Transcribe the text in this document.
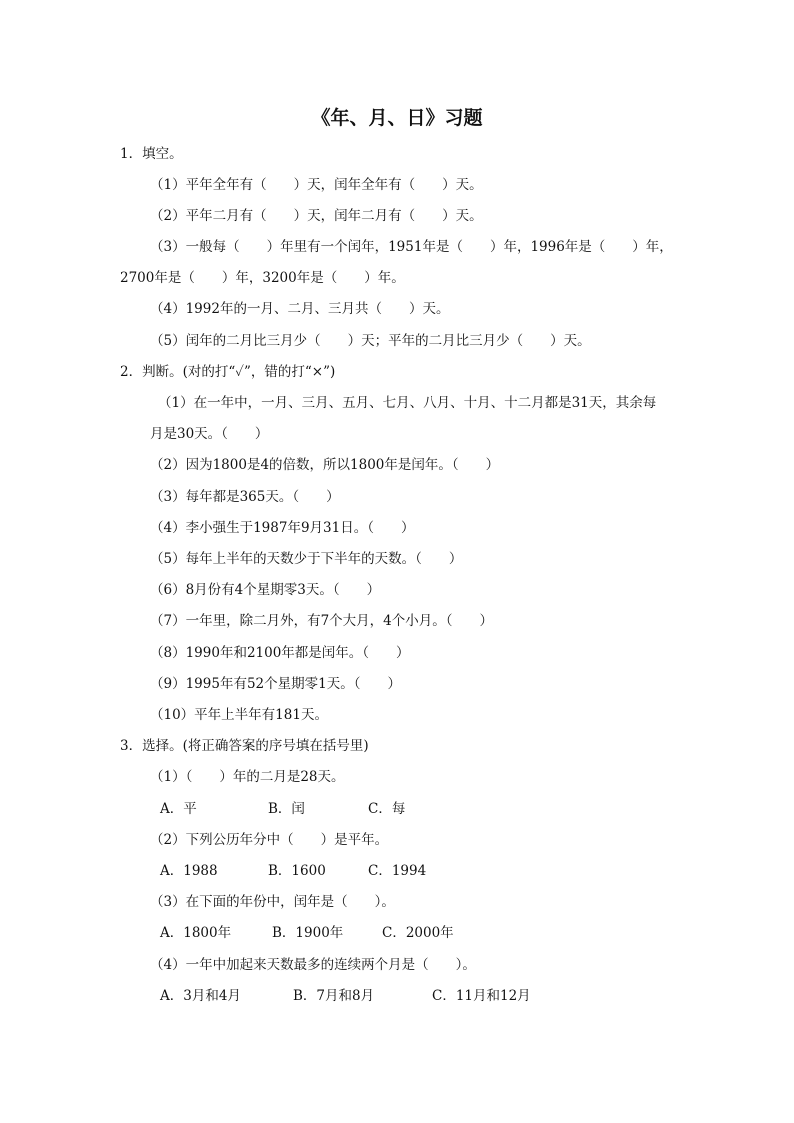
《年、月、日》习题
1．填空。
（1）平年全年有（　　）天，闰年全年有（　　）天。
（2）平年二月有（　　）天，闰年二月有（　　）天。
（3）一般每（　　）年里有一个闰年，1951年是（　　）年，1996年是（　　）年，
2700年是（　　）年，3200年是（　　）年。
（4）1992年的一月、二月、三月共（　　）天。
（5）闰年的二月比三月少（　　）天；平年的二月比三月少（　　）天。
2．判断。(对的打“✓”，错的打“×”)
（1）在一年中，一月、三月、五月、七月、八月、十月、十二月都是31天，其余每
月是30天。（　　）
（2）因为1800是4的倍数，所以1800年是闰年。（　　）
（3）每年都是365天。（　　）
（4）李小强生于1987年9月31日。（　　）
（5）每年上半年的天数少于下半年的天数。（　　）
（6）8月份有4个星期零3天。（　　）
（7）一年里，除二月外，有7个大月，4个小月。（　　）
（8）1990年和2100年都是闰年。（　　）
（9）1995年有52个星期零1天。（　　）
（10）平年上半年有181天。
3．选择。(将正确答案的序号填在括号里)
（1）（　　）年的二月是28天。
A．平	B．闰	C．每
（2）下列公历年分中（　　）是平年。
A．1988	B．1600	C．1994
（3）在下面的年份中，闰年是（　　）。
A．1800年	B．1900年	C．2000年
（4）一年中加起来天数最多的连续两个月是（　　）。
A．3月和4月	B．7月和8月	C．11月和12月
